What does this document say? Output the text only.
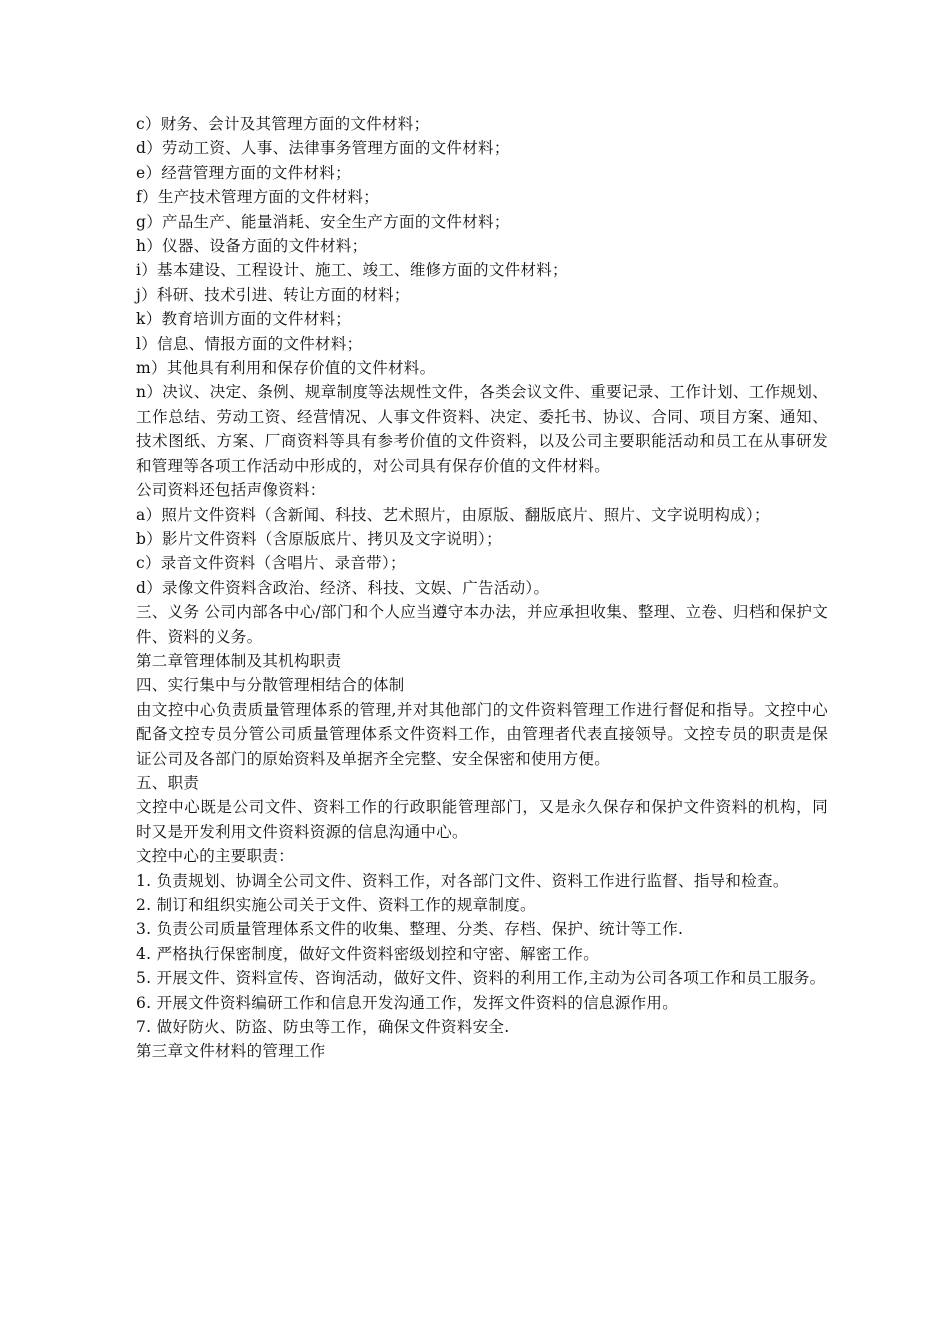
c）财务、会计及其管理方面的文件材料；

d）劳动工资、人事、法律事务管理方面的文件材料；

e）经营管理方面的文件材料；

f）生产技术管理方面的文件材料；

g）产品生产、能量消耗、安全生产方面的文件材料；

h）仪器、设备方面的文件材料；

i）基本建设、工程设计、施工、竣工、维修方面的文件材料；

j）科研、技术引进、转让方面的材料；

k）教育培训方面的文件材料；

l）信息、情报方面的文件材料；

m）其他具有利用和保存价值的文件材料。

n）决议、决定、条例、规章制度等法规性文件，各类会议文件、重要记录、工作计划、工作规划、工作总结、劳动工资、经营情况、人事文件资料、决定、委托书、协议、合同、项目方案、通知、技术图纸、方案、厂商资料等具有参考价值的文件资料，以及公司主要职能活动和员工在从事研发和管理等各项工作活动中形成的，对公司具有保存价值的文件材料。

公司资料还包括声像资料：

a）照片文件资料（含新闻、科技、艺术照片，由原版、翻版底片、照片、文字说明构成）；

b）影片文件资料（含原版底片、拷贝及文字说明）；

c）录音文件资料（含唱片、录音带）；

d）录像文件资料含政治、经济、科技、文娱、广告活动）。

三、义务 公司内部各中心/部门和个人应当遵守本办法，并应承担收集、整理、立卷、归档和保护文件、资料的义务。

第二章管理体制及其机构职责

四、实行集中与分散管理相结合的体制

由文控中心负责质量管理体系的管理,并对其他部门的文件资料管理工作进行督促和指导。文控中心配备文控专员分管公司质量管理体系文件资料工作，由管理者代表直接领导。文控专员的职责是保证公司及各部门的原始资料及单据齐全完整、安全保密和使用方便。

五、职责

文控中心既是公司文件、资料工作的行政职能管理部门，又是永久保存和保护文件资料的机构，同时又是开发利用文件资料资源的信息沟通中心。

文控中心的主要职责：

1. 负责规划、协调全公司文件、资料工作，对各部门文件、资料工作进行监督、指导和检查。

2. 制订和组织实施公司关于文件、资料工作的规章制度。

3. 负责公司质量管理体系文件的收集、整理、分类、存档、保护、统计等工作.

4. 严格执行保密制度，做好文件资料密级划控和守密、解密工作。

5. 开展文件、资料宣传、咨询活动，做好文件、资料的利用工作,主动为公司各项工作和员工服务。

6. 开展文件资料编研工作和信息开发沟通工作，发挥文件资料的信息源作用。

7. 做好防火、防盗、防虫等工作，确保文件资料安全.

第三章文件材料的管理工作
